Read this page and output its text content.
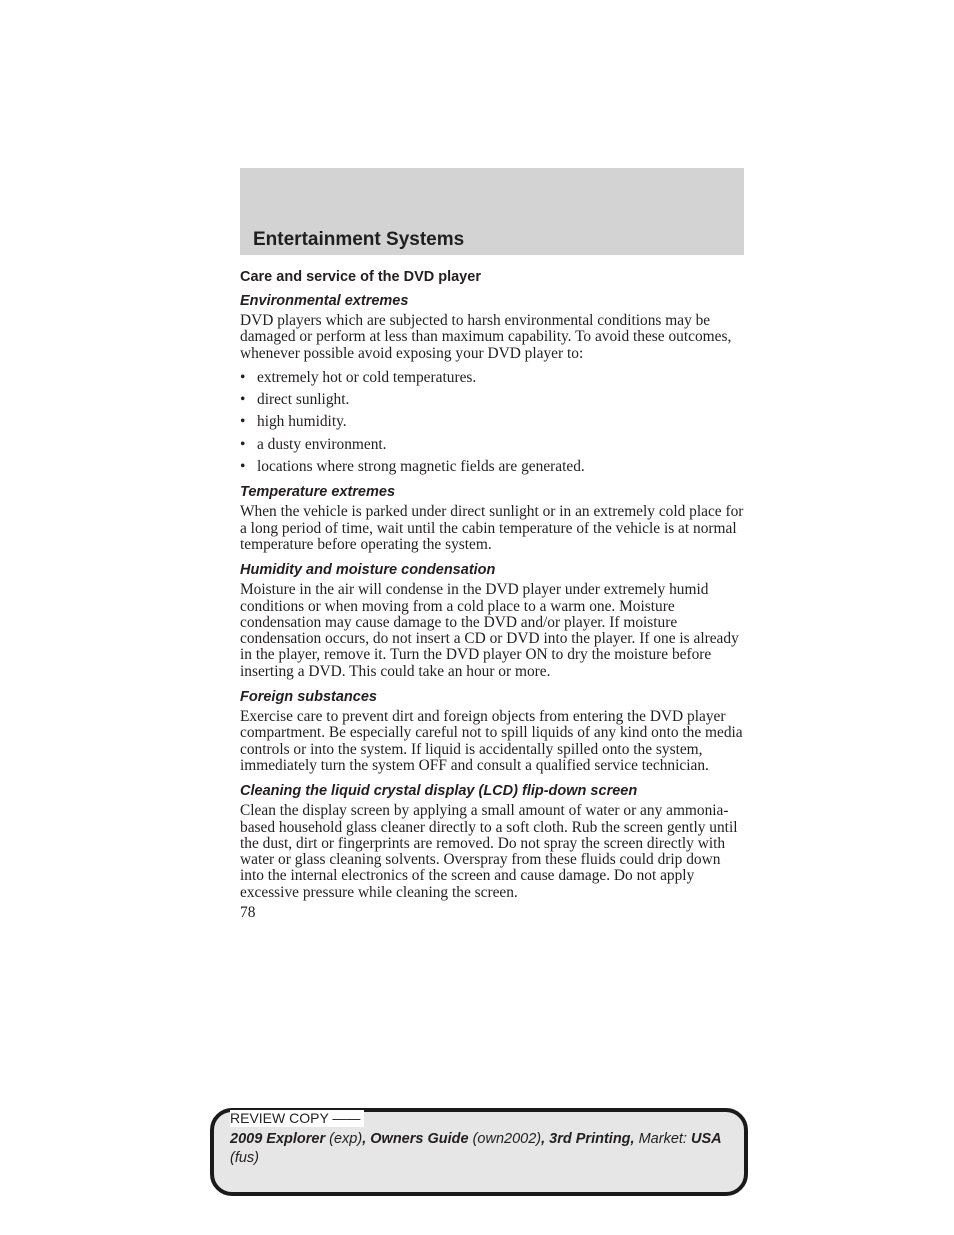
Entertainment Systems
Care and service of the DVD player
Environmental extremes

DVD players which are subjected to harsh environmental conditions may be damaged or perform at less than maximum capability. To avoid these outcomes, whenever possible avoid exposing your DVD player to:

• extremely hot or cold temperatures.
• direct sunlight.
• high humidity.
• a dusty environment.
• locations where strong magnetic fields are generated.
Temperature extremes

When the vehicle is parked under direct sunlight or in an extremely cold place for a long period of time, wait until the cabin temperature of the vehicle is at normal temperature before operating the system.

Humidity and moisture condensation

Moisture in the air will condense in the DVD player under extremely humid conditions or when moving from a cold place to a warm one. Moisture condensation may cause damage to the DVD and/or player. If moisture condensation occurs, do not insert a CD or DVD into the player. If one is already in the player, remove it. Turn the DVD player ON to dry the moisture before inserting a DVD. This could take an hour or more.

Foreign substances

Exercise care to prevent dirt and foreign objects from entering the DVD player compartment. Be especially careful not to spill liquids of any kind onto the media controls or into the system. If liquid is accidentally spilled onto the system, immediately turn the system OFF and consult a qualified service technician.

Cleaning the liquid crystal display (LCD) flip-down screen

Clean the display screen by applying a small amount of water or any ammonia-based household glass cleaner directly to a soft cloth. Rub the screen gently until the dust, dirt or fingerprints are removed. Do not spray the screen directly with water or glass cleaning solvents. Overspray from these fluids could drip down into the internal electronics of the screen and cause damage. Do not apply excessive pressure while cleaning the screen.

78
REVIEW COPY ——
2009 Explorer (exp), Owners Guide (own2002), 3rd Printing, Market: USA
(fus)
